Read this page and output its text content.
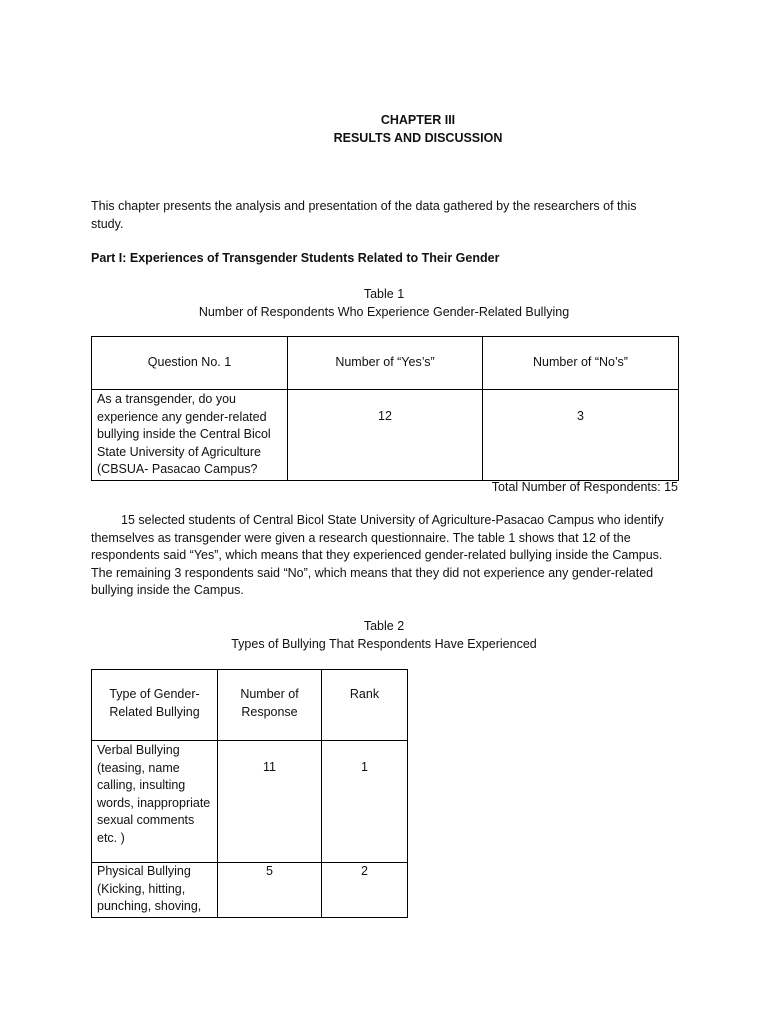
CHAPTER III
RESULTS AND DISCUSSION
This chapter presents the analysis and presentation of the data gathered by the researchers of this study.
Part I: Experiences of Transgender Students Related to Their Gender
Table 1
Number of Respondents Who Experience Gender-Related Bullying
Question No. 1	Number of “Yes’s”	Number of “No’s”
As a transgender, do you experience any gender-related bullying inside the Central Bicol State University of Agriculture (CBSUA- Pasacao Campus?	12	3
Total Number of Respondents: 15
15 selected students of Central Bicol State University of Agriculture-Pasacao Campus who identify themselves as transgender were given a research questionnaire. The table 1 shows that 12 of the respondents said “Yes”, which means that they experienced gender-related bullying inside the Campus. The remaining 3 respondents said “No”, which means that they did not experience any gender-related bullying inside the Campus.
Table 2
Types of Bullying That Respondents Have Experienced
Type of Gender-Related Bullying	Number of Response	Rank
Verbal Bullying (teasing, name calling, insulting words, inappropriate sexual comments etc. )	11	1
Physical Bullying (Kicking, hitting, punching, shoving,	5	2
